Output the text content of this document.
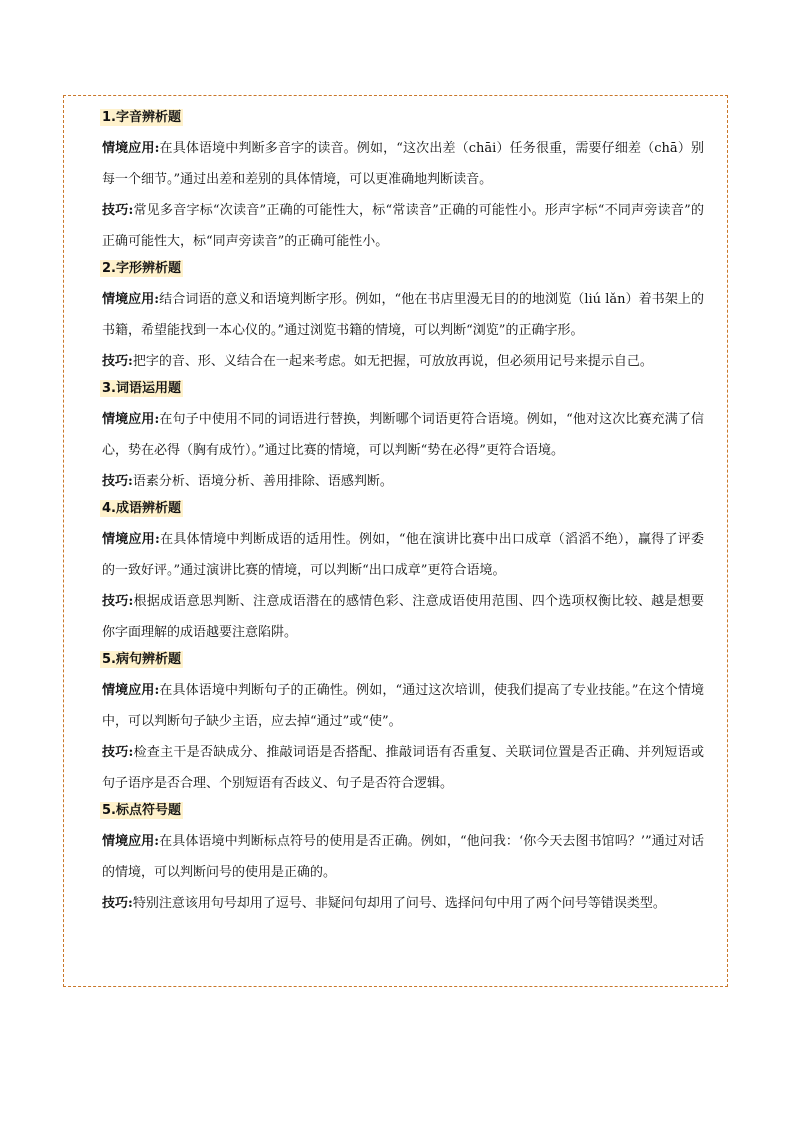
1.字音辨析题

情境应用:在具体语境中判断多音字的读音。例如，“这次出差（chāi）任务很重，需要仔细差（chā）别每一个细节。”通过出差和差别的具体情境，可以更准确地判断读音。

技巧:常见多音字标“次读音”正确的可能性大，标“常读音”正确的可能性小。形声字标“不同声旁读音”的正确可能性大，标“同声旁读音”的正确可能性小。

2.字形辨析题

情境应用:结合词语的意义和语境判断字形。例如，“他在书店里漫无目的的地浏览（liú lǎn）着书架上的书籍，希望能找到一本心仪的。”通过浏览书籍的情境，可以判断“浏览”的正确字形。

技巧:把字的音、形、义结合在一起来考虑。如无把握，可放放再说，但必须用记号来提示自己。

3.词语运用题

情境应用:在句子中使用不同的词语进行替换，判断哪个词语更符合语境。例如，“他对这次比赛充满了信心，势在必得（胸有成竹）。”通过比赛的情境，可以判断“势在必得”更符合语境。

技巧:语素分析、语境分析、善用排除、语感判断。

4.成语辨析题

情境应用:在具体情境中判断成语的适用性。例如，“他在演讲比赛中出口成章（滔滔不绝），赢得了评委的一致好评。”通过演讲比赛的情境，可以判断“出口成章”更符合语境。

技巧:根据成语意思判断、注意成语潜在的感情色彩、注意成语使用范围、四个选项权衡比较、越是想要你字面理解的成语越要注意陷阱。

5.病句辨析题

情境应用:在具体语境中判断句子的正确性。例如，“通过这次培训，使我们提高了专业技能。”在这个情境中，可以判断句子缺少主语，应去掉“通过”或“使”。

技巧:检查主干是否缺成分、推敲词语是否搭配、推敲词语有否重复、关联词位置是否正确、并列短语或句子语序是否合理、个别短语有否歧义、句子是否符合逻辑。

5.标点符号题

情境应用:在具体语境中判断标点符号的使用是否正确。例如，“他问我：‘你今天去图书馆吗？’”通过对话的情境，可以判断问号的使用是正确的。

技巧:特别注意该用句号却用了逗号、非疑问句却用了问号、选择问句中用了两个问号等错误类型。
